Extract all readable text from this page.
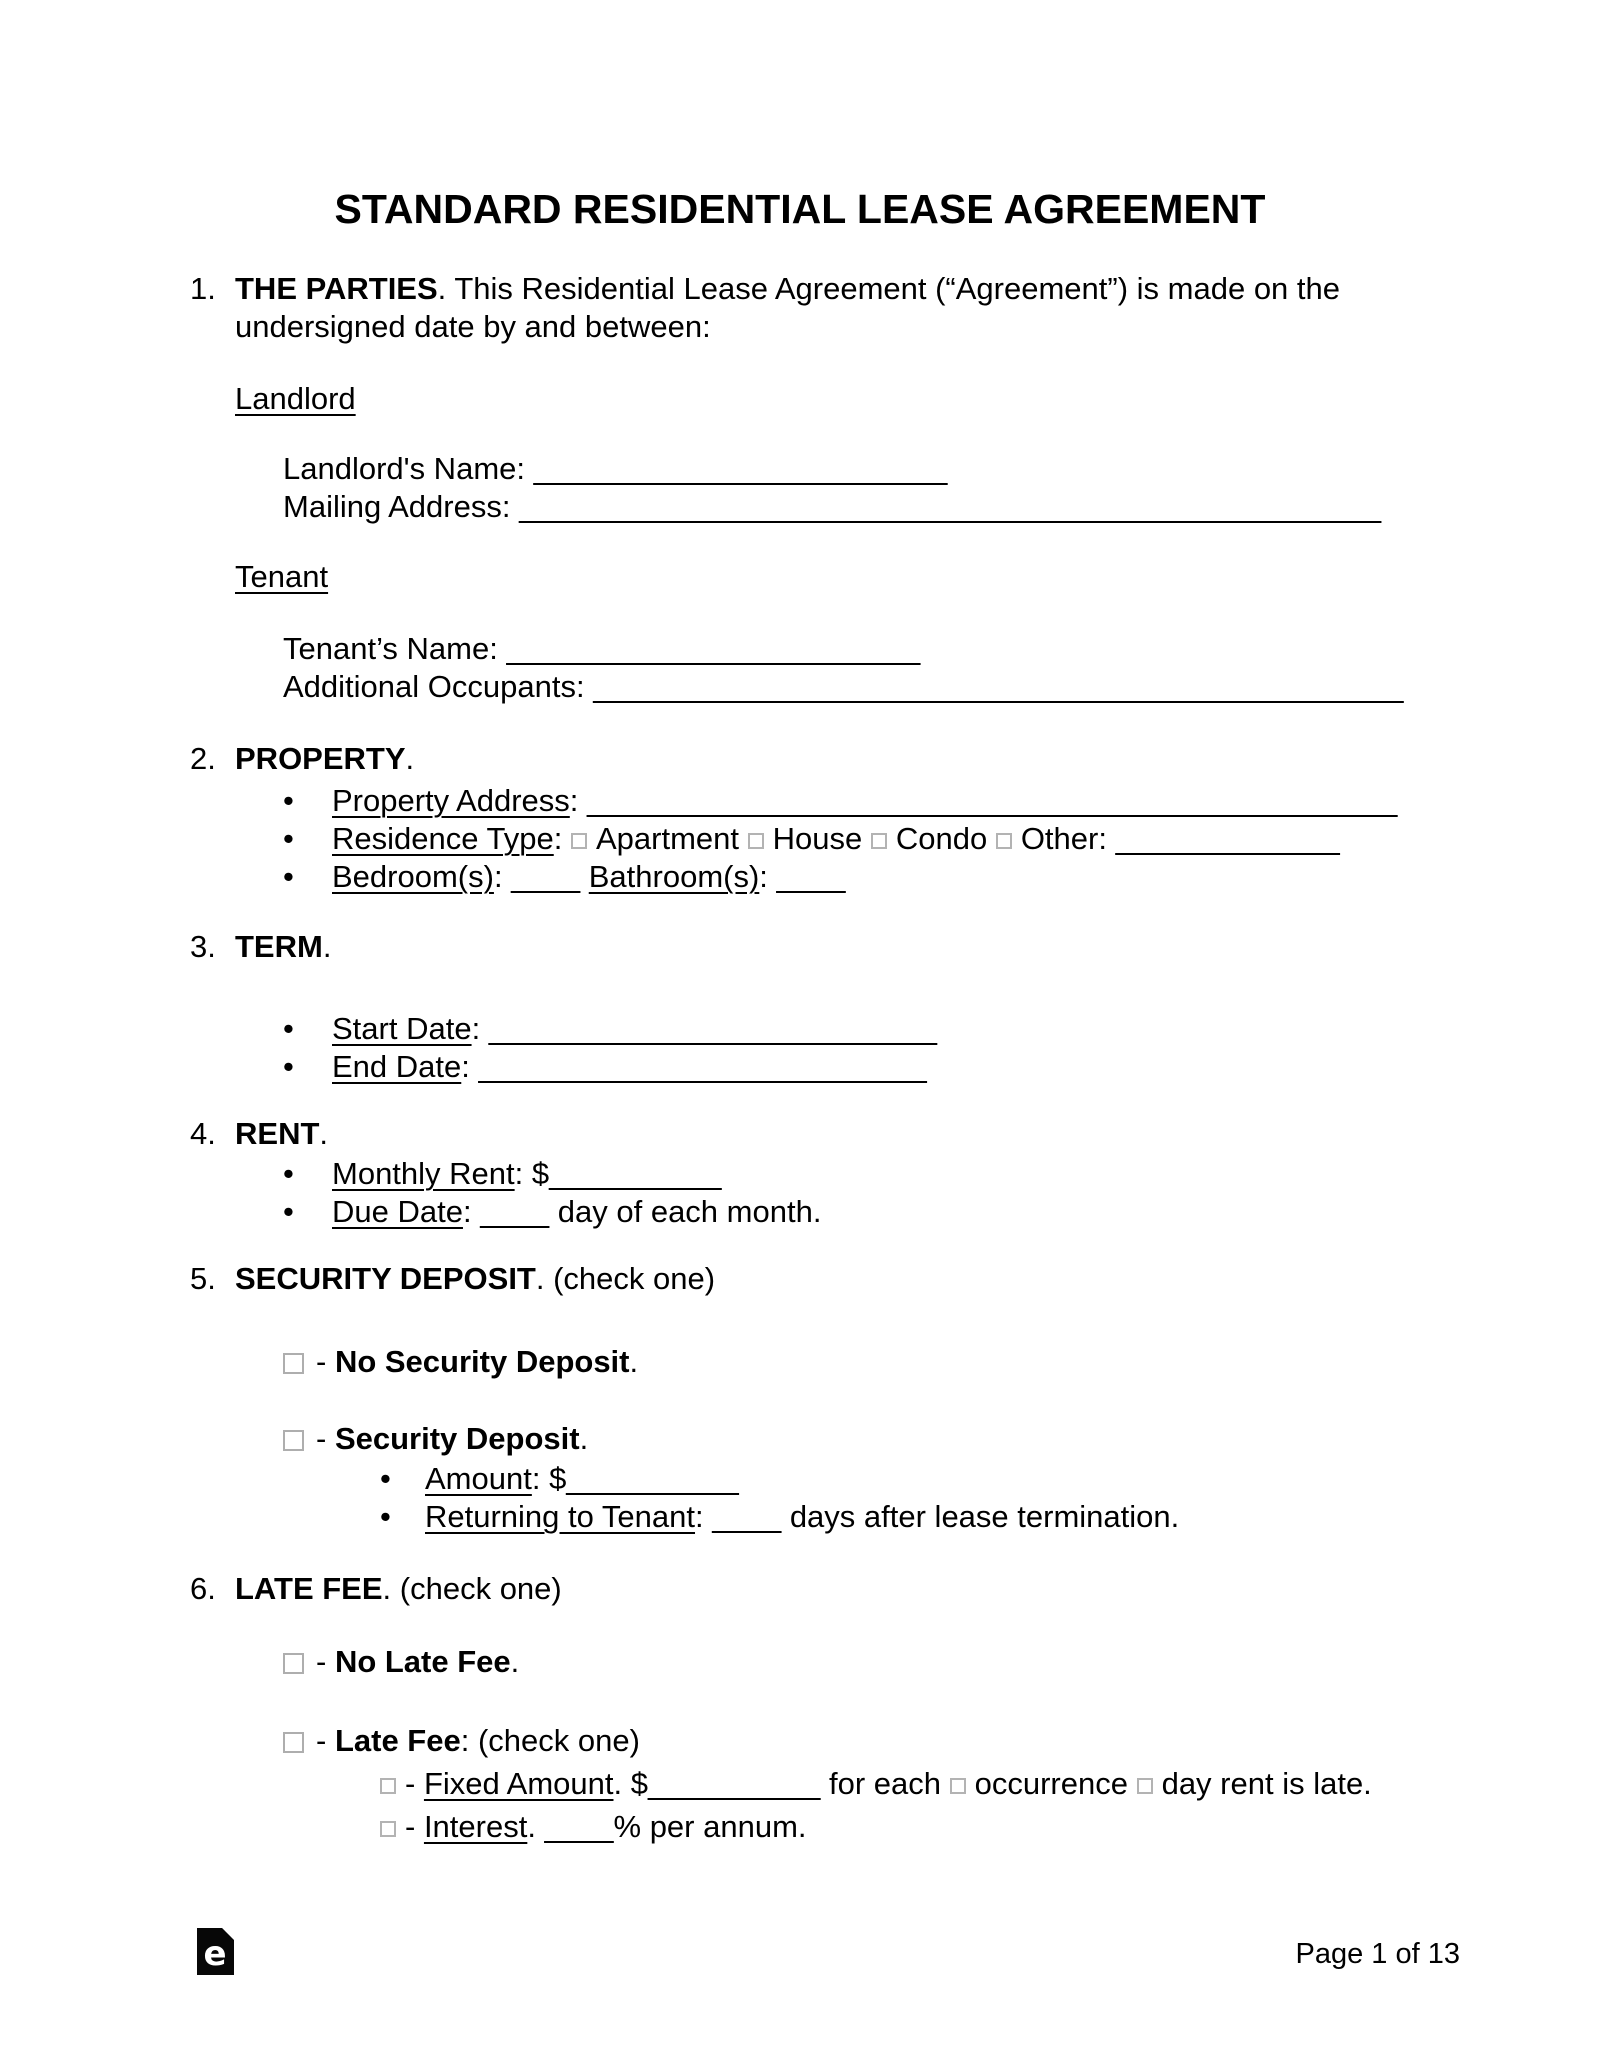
STANDARD RESIDENTIAL LEASE AGREEMENT
1. THE PARTIES. This Residential Lease Agreement (“Agreement”) is made on the
undersigned date by and between:
Landlord
Landlord's Name: ________________________
Mailing Address: __________________________________________________
Tenant
Tenant’s Name: ________________________
Additional Occupants: _______________________________________________
2. PROPERTY.
• Property Address: _______________________________________________
• Residence Type: Apartment House Condo Other: _____________
• Bedroom(s): ____ Bathroom(s): ____
3. TERM.
• Start Date: __________________________
• End Date: __________________________
4. RENT.
• Monthly Rent: $__________
• Due Date: ____ day of each month.
5. SECURITY DEPOSIT. (check one)
- No Security Deposit.
- Security Deposit.
• Amount: $__________
• Returning to Tenant: ____ days after lease termination.
6. LATE FEE. (check one)
- No Late Fee.
- Late Fee: (check one)
- Fixed Amount. $__________ for each occurrence day rent is late.
- Interest. ____% per annum.
e	Page 1 of 13
